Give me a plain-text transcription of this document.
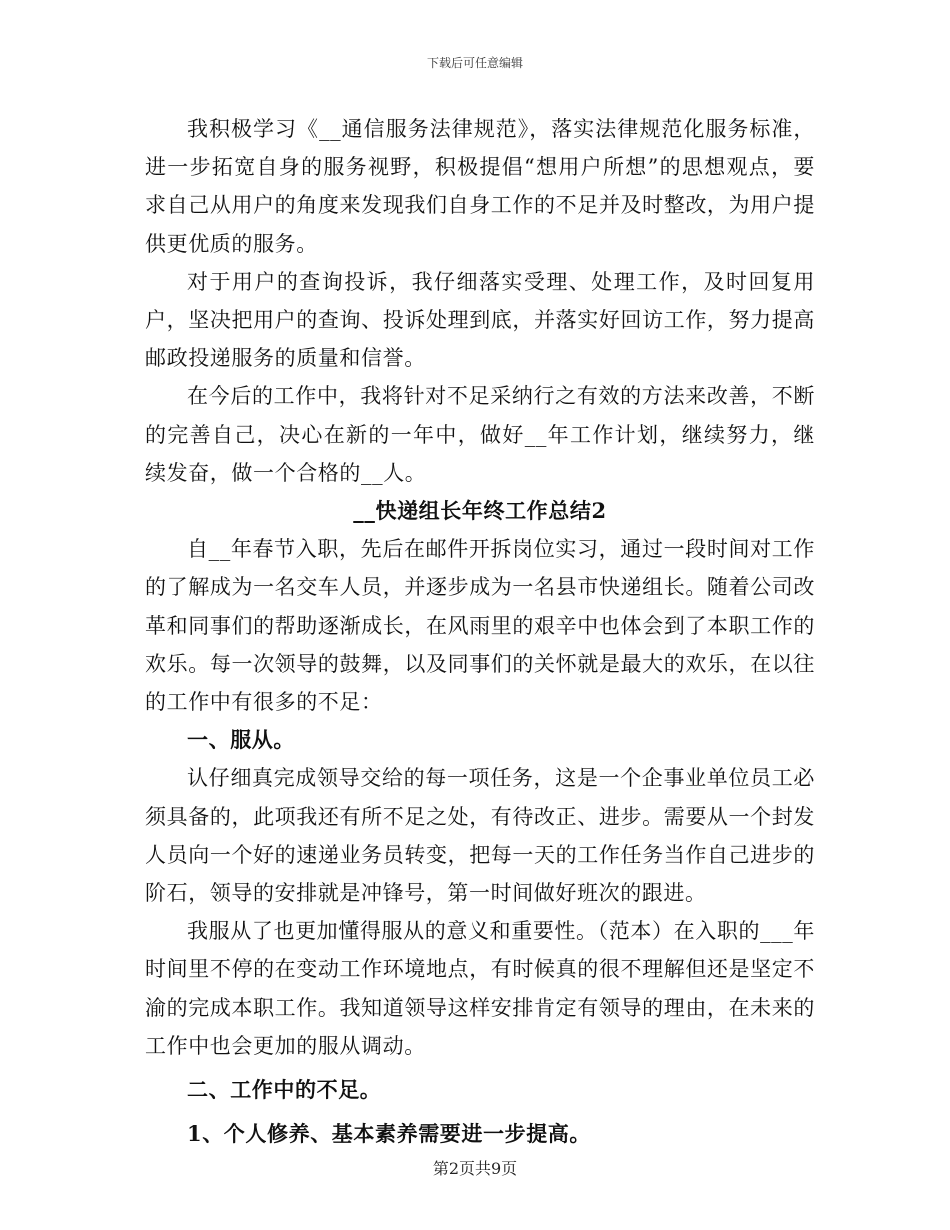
下载后可任意编辑

我积极学习《__通信服务法律规范》，落实法律规范化服务标准，进一步拓宽自身的服务视野，积极提倡“想用户所想”的思想观点，要求自己从用户的角度来发现我们自身工作的不足并及时整改，为用户提供更优质的服务。

对于用户的查询投诉，我仔细落实受理、处理工作，及时回复用户，坚决把用户的查询、投诉处理到底，并落实好回访工作，努力提高邮政投递服务的质量和信誉。

在今后的工作中，我将针对不足采纳行之有效的方法来改善，不断的完善自己，决心在新的一年中，做好__年工作计划，继续努力，继续发奋，做一个合格的__人。

__快递组长年终工作总结2

自__年春节入职，先后在邮件开拆岗位实习，通过一段时间对工作的了解成为一名交车人员，并逐步成为一名县市快递组长。随着公司改革和同事们的帮助逐渐成长，在风雨里的艰辛中也体会到了本职工作的欢乐。每一次领导的鼓舞，以及同事们的关怀就是最大的欢乐，在以往的工作中有很多的不足：

一、服从。

认仔细真完成领导交给的每一项任务，这是一个企事业单位员工必须具备的，此项我还有所不足之处，有待改正、进步。需要从一个封发人员向一个好的速递业务员转变，把每一天的工作任务当作自己进步的阶石，领导的安排就是冲锋号，第一时间做好班次的跟进。

我服从了也更加懂得服从的意义和重要性。（范本）在入职的___年时间里不停的在变动工作环境地点，有时候真的很不理解但还是坚定不渝的完成本职工作。我知道领导这样安排肯定有领导的理由，在未来的工作中也会更加的服从调动。

二、工作中的不足。

1、个人修养、基本素养需要进一步提高。

第2页共9页
